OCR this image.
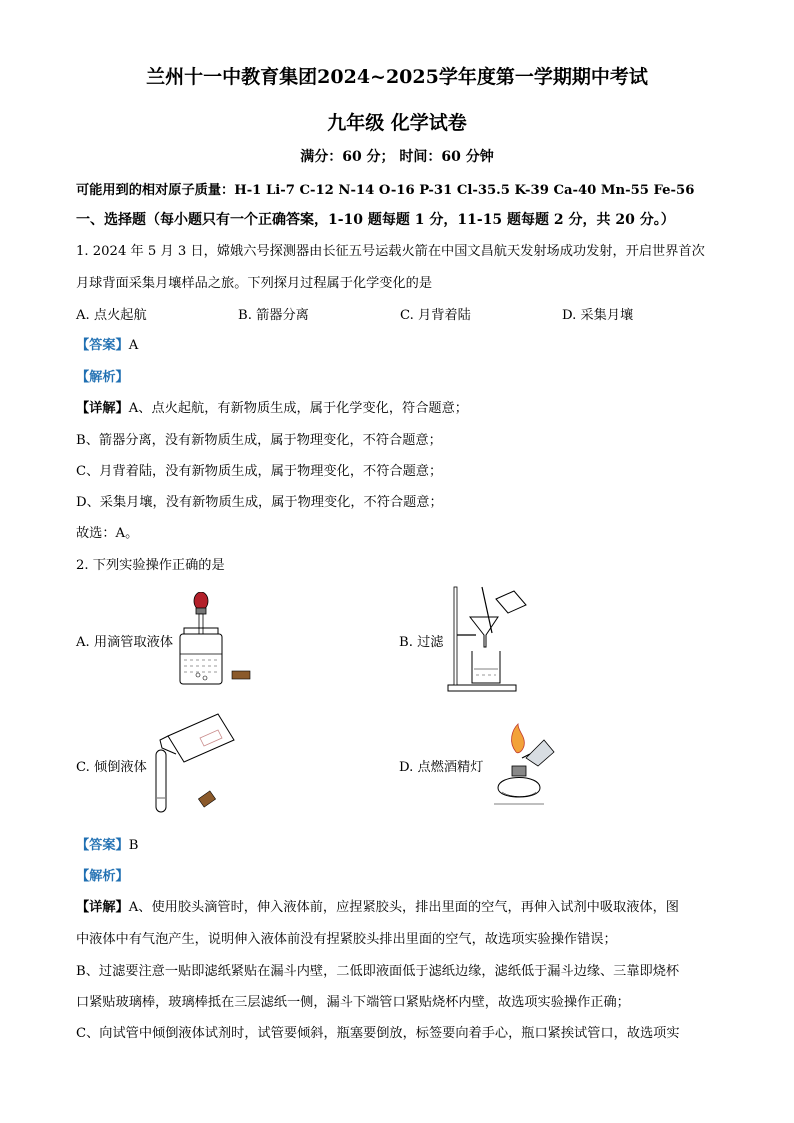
兰州十一中教育集团2024~2025学年度第一学期期中考试
九年级 化学试卷
满分：60 分； 时间：60 分钟
可能用到的相对原子质量：H-1 Li-7 C-12 N-14 O-16 P-31 Cl-35.5 K-39 Ca-40 Mn-55 Fe-56
一、选择题（每小题只有一个正确答案，1-10 题每题 1 分，11-15 题每题 2 分，共 20 分。）
1. 2024 年 5 月 3 日，嫦娥六号探测器由长征五号运载火箭在中国文昌航天发射场成功发射，开启世界首次
月球背面采集月壤样品之旅。下列探月过程属于化学变化的是
A. 点火起航	B. 箭器分离	C. 月背着陆	D. 采集月壤
【答案】A
【解析】
【详解】A、点火起航，有新物质生成，属于化学变化，符合题意；
B、箭器分离，没有新物质生成，属于物理变化，不符合题意；
C、月背着陆，没有新物质生成，属于物理变化，不符合题意；
D、采集月壤，没有新物质生成，属于物理变化，不符合题意；
故选：A。
2. 下列实验操作正确的是
A. 用滴管取液体	B. 过滤
C. 倾倒液体	D. 点燃酒精灯
【答案】B
【解析】
【详解】A、使用胶头滴管时，伸入液体前，应捏紧胶头，排出里面的空气，再伸入试剂中吸取液体，图
中液体中有气泡产生，说明伸入液体前没有捏紧胶头排出里面的空气，故选项实验操作错误；
B、过滤要注意一贴即滤纸紧贴在漏斗内壁，二低即液面低于滤纸边缘，滤纸低于漏斗边缘、三靠即烧杯
口紧贴玻璃棒，玻璃棒抵在三层滤纸一侧，漏斗下端管口紧贴烧杯内壁，故选项实验操作正确；
C、向试管中倾倒液体试剂时，试管要倾斜，瓶塞要倒放，标签要向着手心，瓶口紧挨试管口，故选项实
